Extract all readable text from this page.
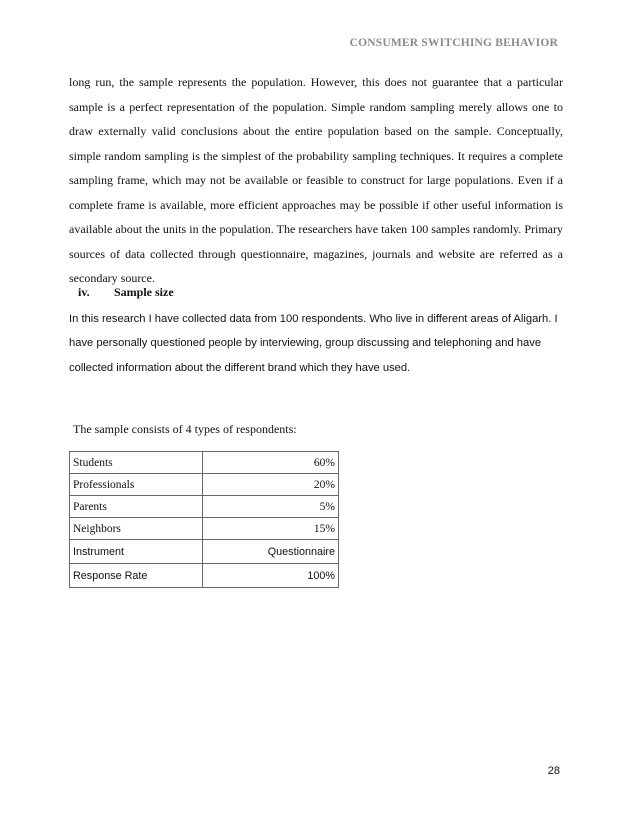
CONSUMER SWITCHING BEHAVIOR

long run, the sample represents the population. However, this does not guarantee that a particular sample is a perfect representation of the population. Simple random sampling merely allows one to draw externally valid conclusions about the entire population based on the sample. Conceptually, simple random sampling is the simplest of the probability sampling techniques. It requires a complete sampling frame, which may not be available or feasible to construct for large populations. Even if a complete frame is available, more efficient approaches may be possible if other useful information is available about the units in the population. The researchers have taken 100 samples randomly. Primary sources of data collected through questionnaire, magazines, journals and website are referred as a secondary source.

iv. Sample size

In this research I have collected data from 100 respondents. Who live in different areas of Aligarh. I have personally questioned people by interviewing, group discussing and telephoning and have collected information about the different brand which they have used.

The sample consists of 4 types of respondents:
Students	60%
Professionals	20%
Parents	5%
Neighbors	15%
Instrument	Questionnaire
Response Rate	100%
28
